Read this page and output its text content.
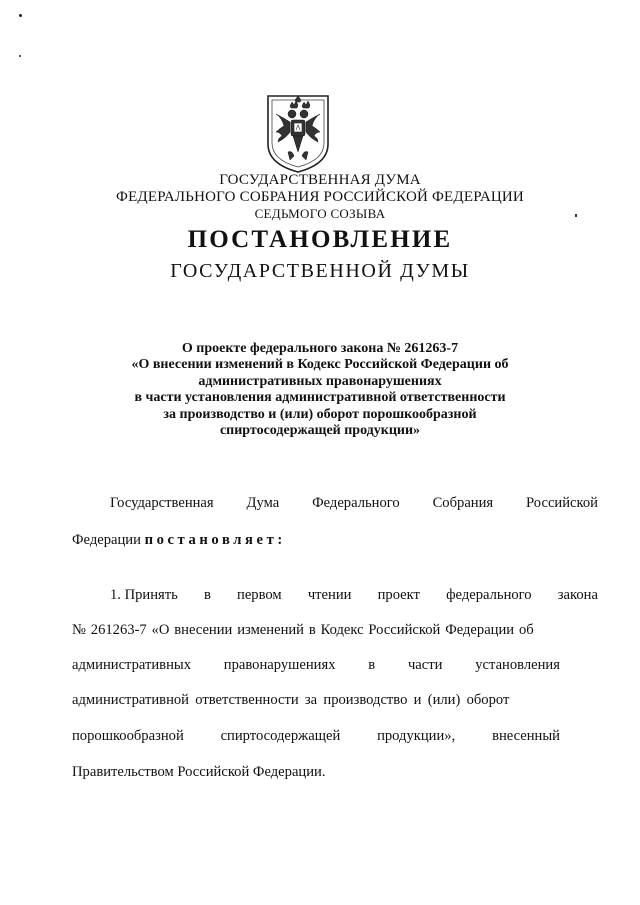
ГОСУДАРСТВЕННАЯ ДУМА
ФЕДЕРАЛЬНОГО СОБРАНИЯ РОССИЙСКОЙ ФЕДЕРАЦИИ
СЕДЬМОГО СОЗЫВА
ПОСТАНОВЛЕНИЕ
ГОСУДАРСТВЕННОЙ ДУМЫ
О проекте федерального закона № 261263-7
«О внесении изменений в Кодекс Российской Федерации об
административных правонарушениях
в части установления административной ответственности
за производство и (или) оборот порошкообразной
спиртосодержащей продукции»
Государственная Дума Федерального Собрания Российской
Федерации постановляет:
1. Принять в первом чтении проект федерального закона
№ 261263-7 «О внесении изменений в Кодекс Российской Федерации об
административных правонарушениях в части установления
административной ответственности за производство и (или) оборот
порошкообразной	спиртосодержащей	продукции»,	внесенный
Правительством Российской Федерации.
